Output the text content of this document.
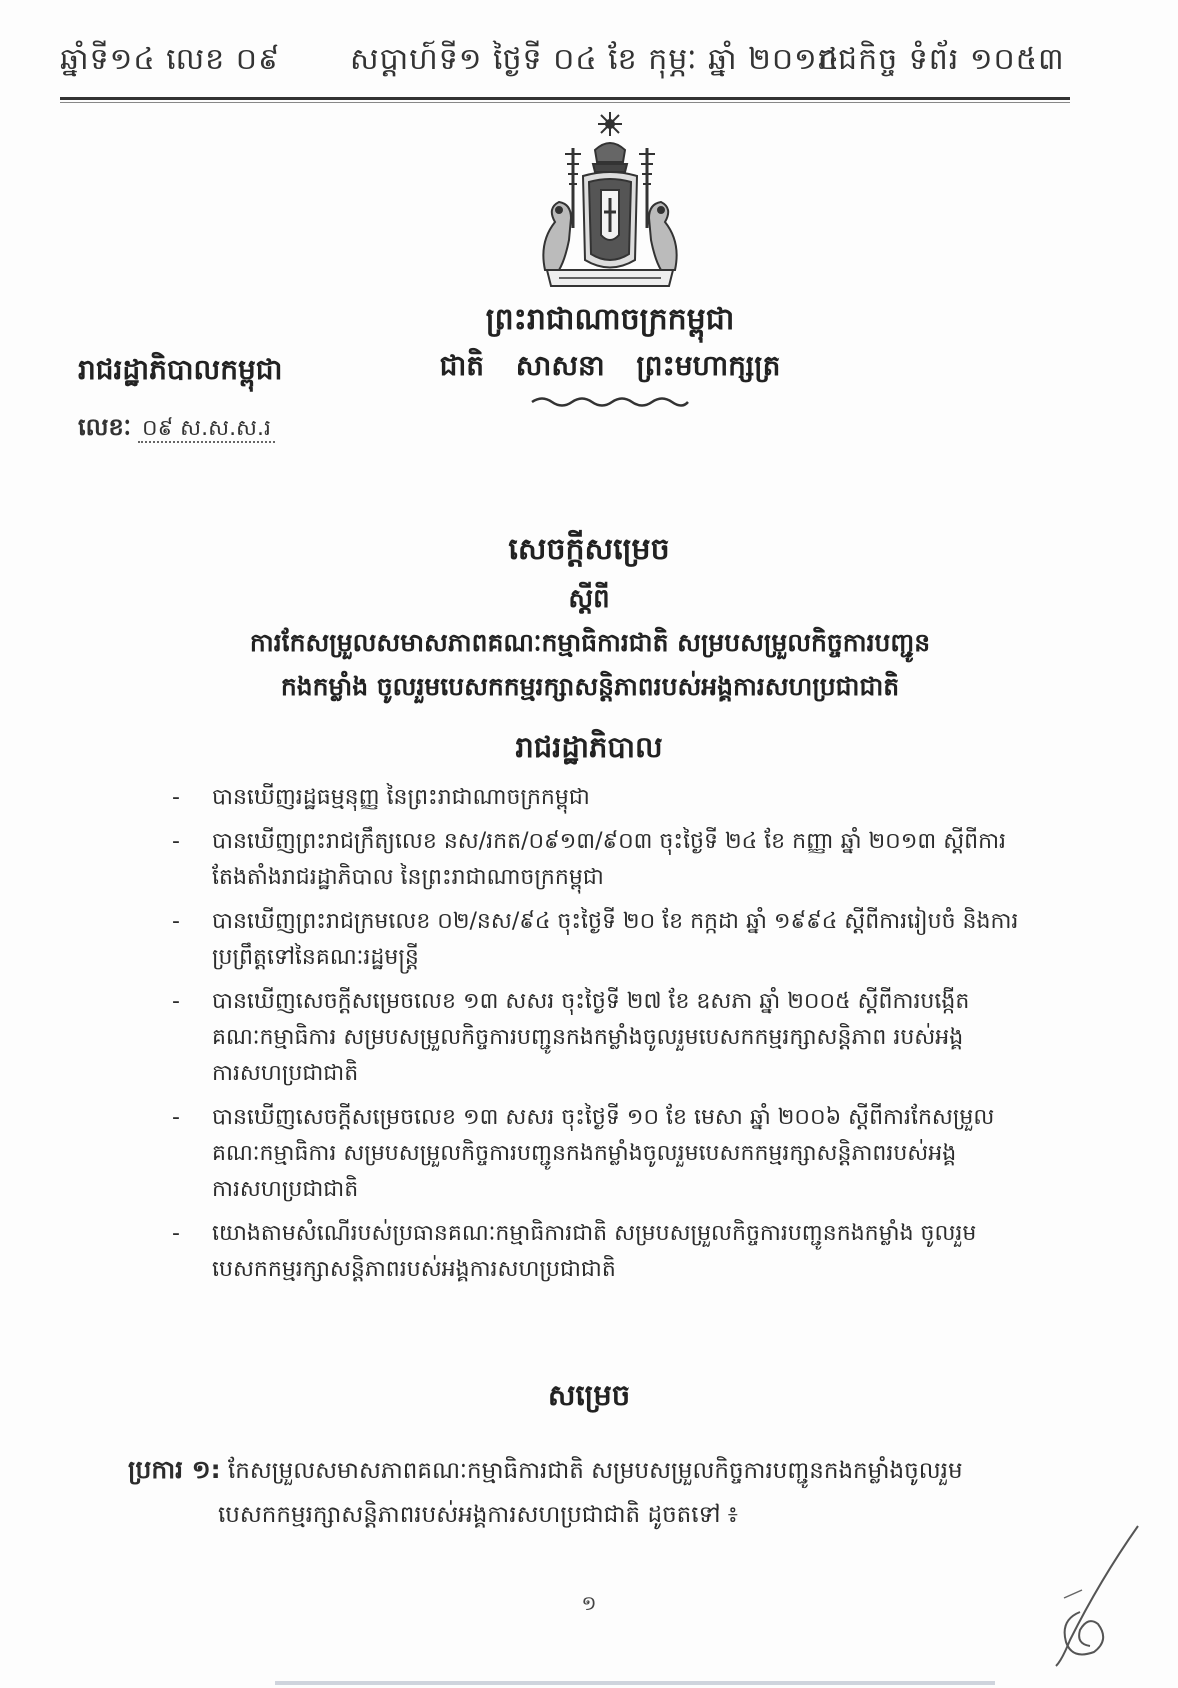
ឆ្នាំទី១៤ លេខ ០៩ សប្តាហ៍ទី១ ថ្ងៃទី ០៤ ខែ កុម្ភៈ ឆ្នាំ ២០១៤
រាជកិច្ច ទំព័រ ១០៥៣
ព្រះរាជាណាចក្រកម្ពុជា
ជាតិ សាសនា ព្រះមហាក្សត្រ
រាជរដ្ឋាភិបាលកម្ពុជា
លេខៈ ០៩ ស.ស.ស.រ
សេចក្តីសម្រេច
ស្តីពី
ការកែសម្រួលសមាសភាពគណៈកម្មាធិការជាតិ សម្របសម្រួលកិច្ចការបញ្ជូន
កងកម្លាំង ចូលរួមបេសកកម្មរក្សាសន្តិភាពរបស់អង្គការសហប្រជាជាតិ
រាជរដ្ឋាភិបាល
- បានឃើញរដ្ឋធម្មនុញ្ញ នៃព្រះរាជាណាចក្រកម្ពុជា
- បានឃើញព្រះរាជក្រឹត្យលេខ នស/រកត/០៩១៣/៩០៣ ចុះថ្ងៃទី ២៤ ខែ កញ្ញា ឆ្នាំ ២០១៣ ស្តីពីការតែងតាំងរាជរដ្ឋាភិបាល នៃព្រះរាជាណាចក្រកម្ពុជា
- បានឃើញព្រះរាជក្រមលេខ ០២/នស/៩៤ ចុះថ្ងៃទី ២០ ខែ កក្កដា ឆ្នាំ ១៩៩៤ ស្តីពីការរៀបចំ និងការប្រព្រឹត្តទៅនៃគណៈរដ្ឋមន្ត្រី
- បានឃើញសេចក្តីសម្រេចលេខ ១៣ សសរ ចុះថ្ងៃទី ២៧ ខែ ឧសភា ឆ្នាំ ២០០៥ ស្តីពីការបង្កើត គណៈកម្មាធិការ សម្របសម្រួលកិច្ចការបញ្ជូនកងកម្លាំងចូលរួមបេសកកម្មរក្សាសន្តិភាព របស់អង្គការសហប្រជាជាតិ
- បានឃើញសេចក្តីសម្រេចលេខ ១៣ សសរ ចុះថ្ងៃទី ១០ ខែ មេសា ឆ្នាំ ២០០៦ ស្តីពីការកែសម្រួល គណៈកម្មាធិការ សម្របសម្រួលកិច្ចការបញ្ជូនកងកម្លាំងចូលរួមបេសកកម្មរក្សាសន្តិភាពរបស់អង្គការសហប្រជាជាតិ
- យោងតាមសំណើរបស់ប្រធានគណៈកម្មាធិការជាតិ សម្របសម្រួលកិច្ចការបញ្ជូនកងកម្លាំង ចូលរួមបេសកកម្មរក្សាសន្តិភាពរបស់អង្គការសហប្រជាជាតិ
សម្រេច
ប្រការ ១: កែសម្រួលសមាសភាពគណៈកម្មាធិការជាតិ សម្របសម្រួលកិច្ចការបញ្ជូនកងកម្លាំងចូលរួម
បេសកកម្មរក្សាសន្តិភាពរបស់អង្គការសហប្រជាជាតិ ដូចតទៅ ៖
១
